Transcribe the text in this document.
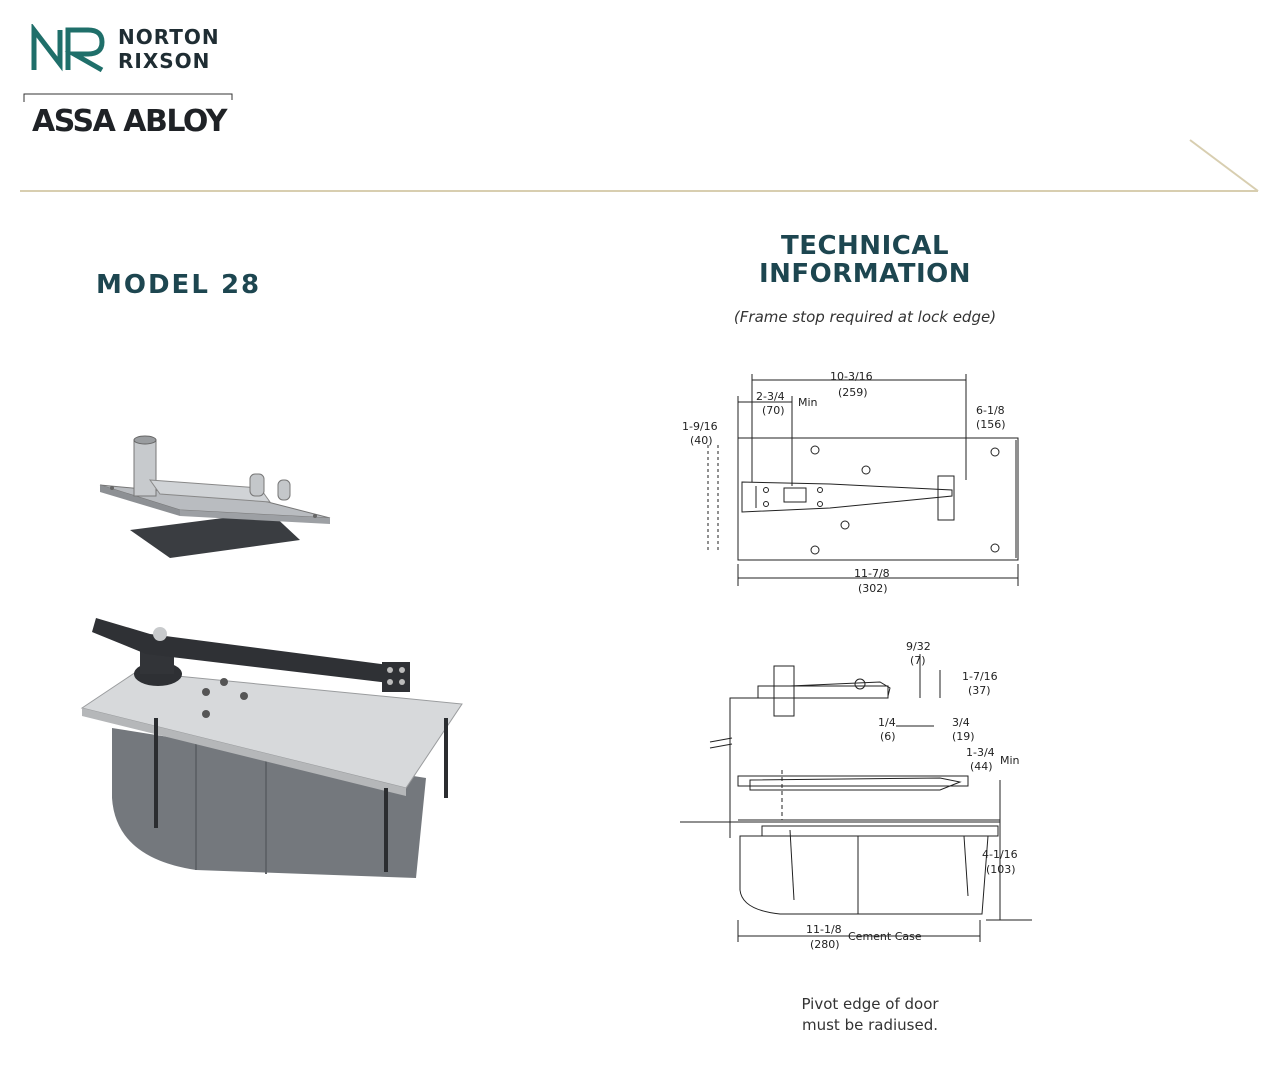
NORTON
RIXSON
ASSA ABLOY
MODEL 28
TECHNICAL INFORMATION
(Frame stop required at lock edge)
10-3/16
(259)
2-3/4
(70)
Min
1-9/16
(40)
6-1/8
(156)
11-7/8
(302)
9/32
(7)
1-7/16
(37)
1/4
(6)
3/4
(19)
1-3/4
(44) Min
4-1/16
(103)
11-1/8
(280)
Cement Case
Pivot edge of door
must be radiused.
